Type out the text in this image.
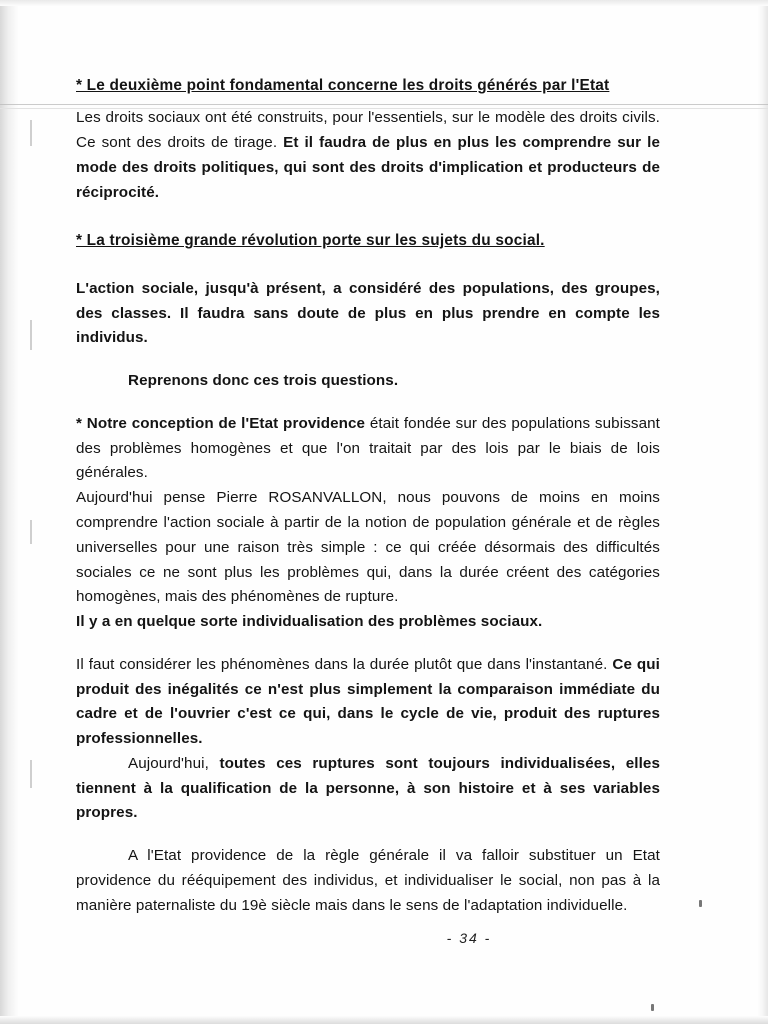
* Le deuxième point fondamental concerne les droits générés par l'Etat

Les droits sociaux ont été construits, pour l'essentiels, sur le modèle des droits civils. Ce sont des droits de tirage. Et il faudra de plus en plus les comprendre sur le mode des droits politiques, qui sont des droits d'implication et producteurs de réciprocité.

* La troisième grande révolution porte sur les sujets du social.

L'action sociale, jusqu'à présent, a considéré des populations, des groupes, des classes. Il faudra sans doute de plus en plus prendre en compte les individus.

Reprenons donc ces trois questions.

* Notre conception de l'Etat providence était fondée sur des populations subissant des problèmes homogènes et que l'on traitait par des lois par le biais de lois générales.

Aujourd'hui pense Pierre ROSANVALLON, nous pouvons de moins en moins comprendre l'action sociale à partir de la notion de population générale et de règles universelles pour une raison très simple : ce qui créée désormais des difficultés sociales ce ne sont plus les problèmes qui, dans la durée créent des catégories homogènes, mais des phénomènes de rupture.

Il y a en quelque sorte individualisation des problèmes sociaux.

Il faut considérer les phénomènes dans la durée plutôt que dans l'instantané. Ce qui produit des inégalités ce n'est plus simplement la comparaison immédiate du cadre et de l'ouvrier c'est ce qui, dans le cycle de vie, produit des ruptures professionnelles.

Aujourd'hui, toutes ces ruptures sont toujours individualisées, elles tiennent à la qualification de la personne, à son histoire et à ses variables propres.

A l'Etat providence de la règle générale il va falloir substituer un Etat providence du rééquipement des individus, et individualiser le social, non pas à la manière paternaliste du 19è siècle mais dans le sens de l'adaptation individuelle.

- 34 -
